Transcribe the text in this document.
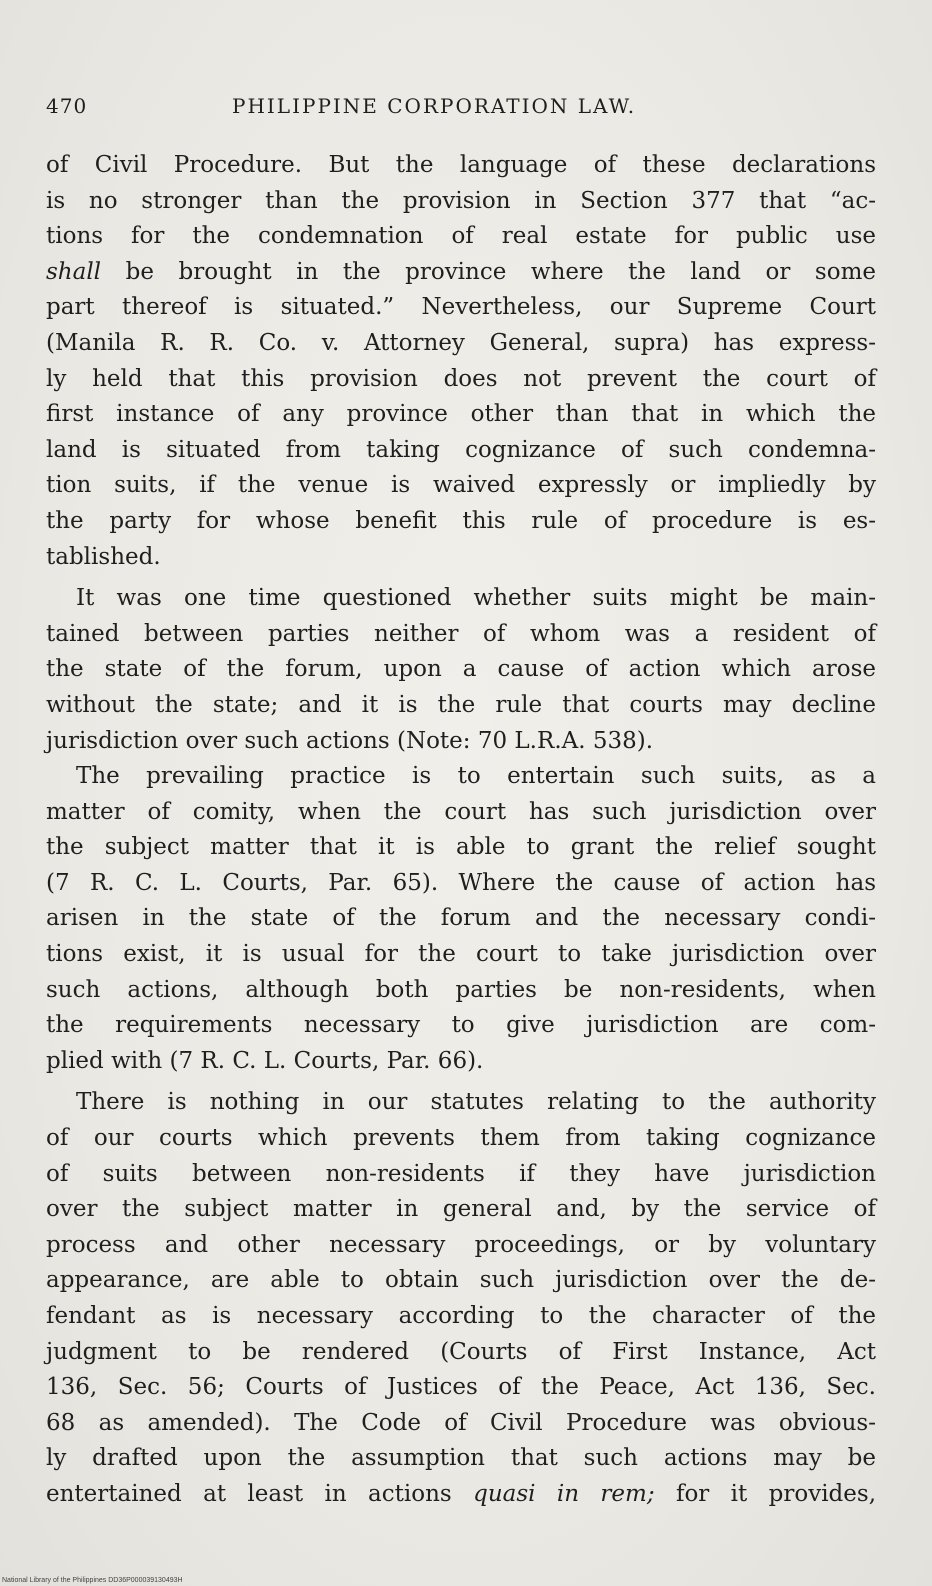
470	PHILIPPINE CORPORATION LAW.
of Civil Procedure. But the language of these declarations
is no stronger than the provision in Section 377 that “ac-
tions for the condemnation of real estate for public use
shall be brought in the province where the land or some
part thereof is situated.” Nevertheless, our Supreme Court
(Manila R. R. Co. v. Attorney General, supra) has express-
ly held that this provision does not prevent the court of
first instance of any province other than that in which the
land is situated from taking cognizance of such condemna-
tion suits, if the venue is waived expressly or impliedly by
the party for whose benefit this rule of procedure is es-
tablished.
It was one time questioned whether suits might be main-
tained between parties neither of whom was a resident of
the state of the forum, upon a cause of action which arose
without the state; and it is the rule that courts may decline
jurisdiction over such actions (Note: 70 L.R.A. 538).
The prevailing practice is to entertain such suits, as a
matter of comity, when the court has such jurisdiction over
the subject matter that it is able to grant the relief sought
(7 R. C. L. Courts, Par. 65). Where the cause of action has
arisen in the state of the forum and the necessary condi-
tions exist, it is usual for the court to take jurisdiction over
such actions, although both parties be non-residents, when
the requirements necessary to give jurisdiction are com-
plied with (7 R. C. L. Courts, Par. 66).
There is nothing in our statutes relating to the authority
of our courts which prevents them from taking cognizance
of suits between non-residents if they have jurisdiction
over the subject matter in general and, by the service of
process and other necessary proceedings, or by voluntary
appearance, are able to obtain such jurisdiction over the de-
fendant as is necessary according to the character of the
judgment to be rendered (Courts of First Instance, Act
136, Sec. 56; Courts of Justices of the Peace, Act 136, Sec.
68 as amended). The Code of Civil Procedure was obvious-
ly drafted upon the assumption that such actions may be
entertained at least in actions quasi in rem; for it provides,
National Library of the Philippines DD36P000039130493H
